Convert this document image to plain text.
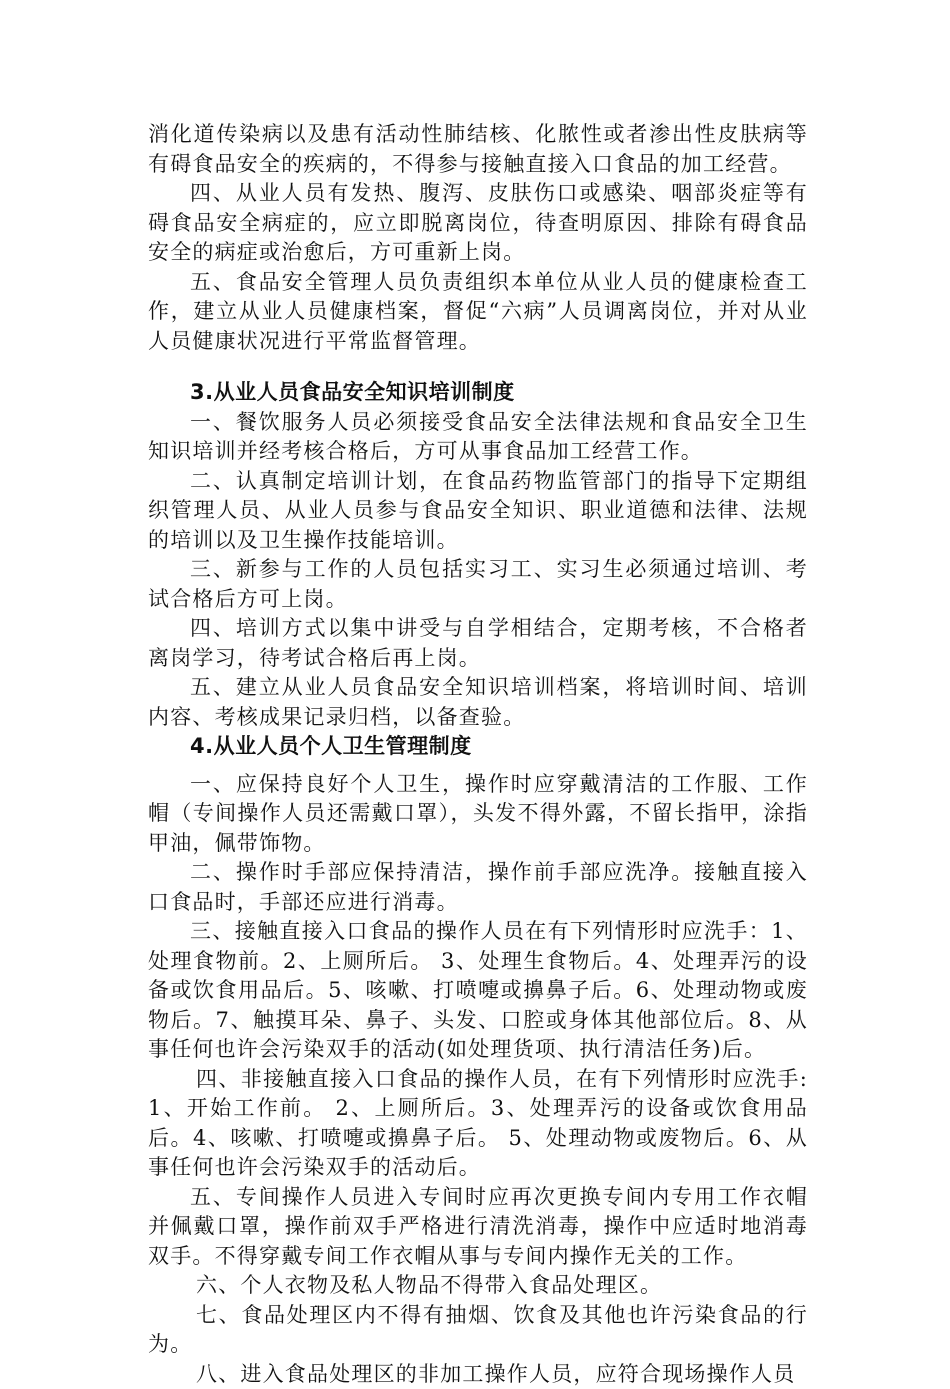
消化道传染病以及患有活动性肺结核、化脓性或者渗出性皮肤病等有碍食品安全的疾病的，不得参与接触直接入口食品的加工经营。

四、从业人员有发热、腹泻、皮肤伤口或感染、咽部炎症等有碍食品安全病症的，应立即脱离岗位，待查明原因、排除有碍食品安全的病症或治愈后，方可重新上岗。

五、食品安全管理人员负责组织本单位从业人员的健康检查工作，建立从业人员健康档案，督促“六病”人员调离岗位，并对从业人员健康状况进行平常监督管理。

3.从业人员食品安全知识培训制度

一、餐饮服务人员必须接受食品安全法律法规和食品安全卫生知识培训并经考核合格后，方可从事食品加工经营工作。

二、认真制定培训计划，在食品药物监管部门的指导下定期组织管理人员、从业人员参与食品安全知识、职业道德和法律、法规的培训以及卫生操作技能培训。

三、新参与工作的人员包括实习工、实习生必须通过培训、考试合格后方可上岗。

四、培训方式以集中讲受与自学相结合，定期考核，不合格者离岗学习，待考试合格后再上岗。

五、建立从业人员食品安全知识培训档案，将培训时间、培训内容、考核成果记录归档，以备查验。

4.从业人员个人卫生管理制度

一、应保持良好个人卫生，操作时应穿戴清洁的工作服、工作帽（专间操作人员还需戴口罩），头发不得外露，不留长指甲，涂指甲油，佩带饰物。

二、操作时手部应保持清洁，操作前手部应洗净。接触直接入口食品时，手部还应进行消毒。

三、接触直接入口食品的操作人员在有下列情形时应洗手：1、处理食物前。2、上厕所后。 3、处理生食物后。4、处理弄污的设备或饮食用品后。5、咳嗽、打喷嚏或擤鼻子后。6、处理动物或废物后。7、触摸耳朵、鼻子、头发、口腔或身体其他部位后。8、从事任何也许会污染双手的活动(如处理货项、执行清洁任务)后。

四、非接触直接入口食品的操作人员，在有下列情形时应洗手: 1、开始工作前。 2、上厕所后。3、处理弄污的设备或饮食用品后。4、咳嗽、打喷嚏或擤鼻子后。 5、处理动物或废物后。6、从事任何也许会污染双手的活动后。

五、专间操作人员进入专间时应再次更换专间内专用工作衣帽并佩戴口罩，操作前双手严格进行清洗消毒，操作中应适时地消毒双手。不得穿戴专间工作衣帽从事与专间内操作无关的工作。

六、个人衣物及私人物品不得带入食品处理区。

七、食品处理区内不得有抽烟、饮食及其他也许污染食品的行为。

八、进入食品处理区的非加工操作人员，应符合现场操作人员
